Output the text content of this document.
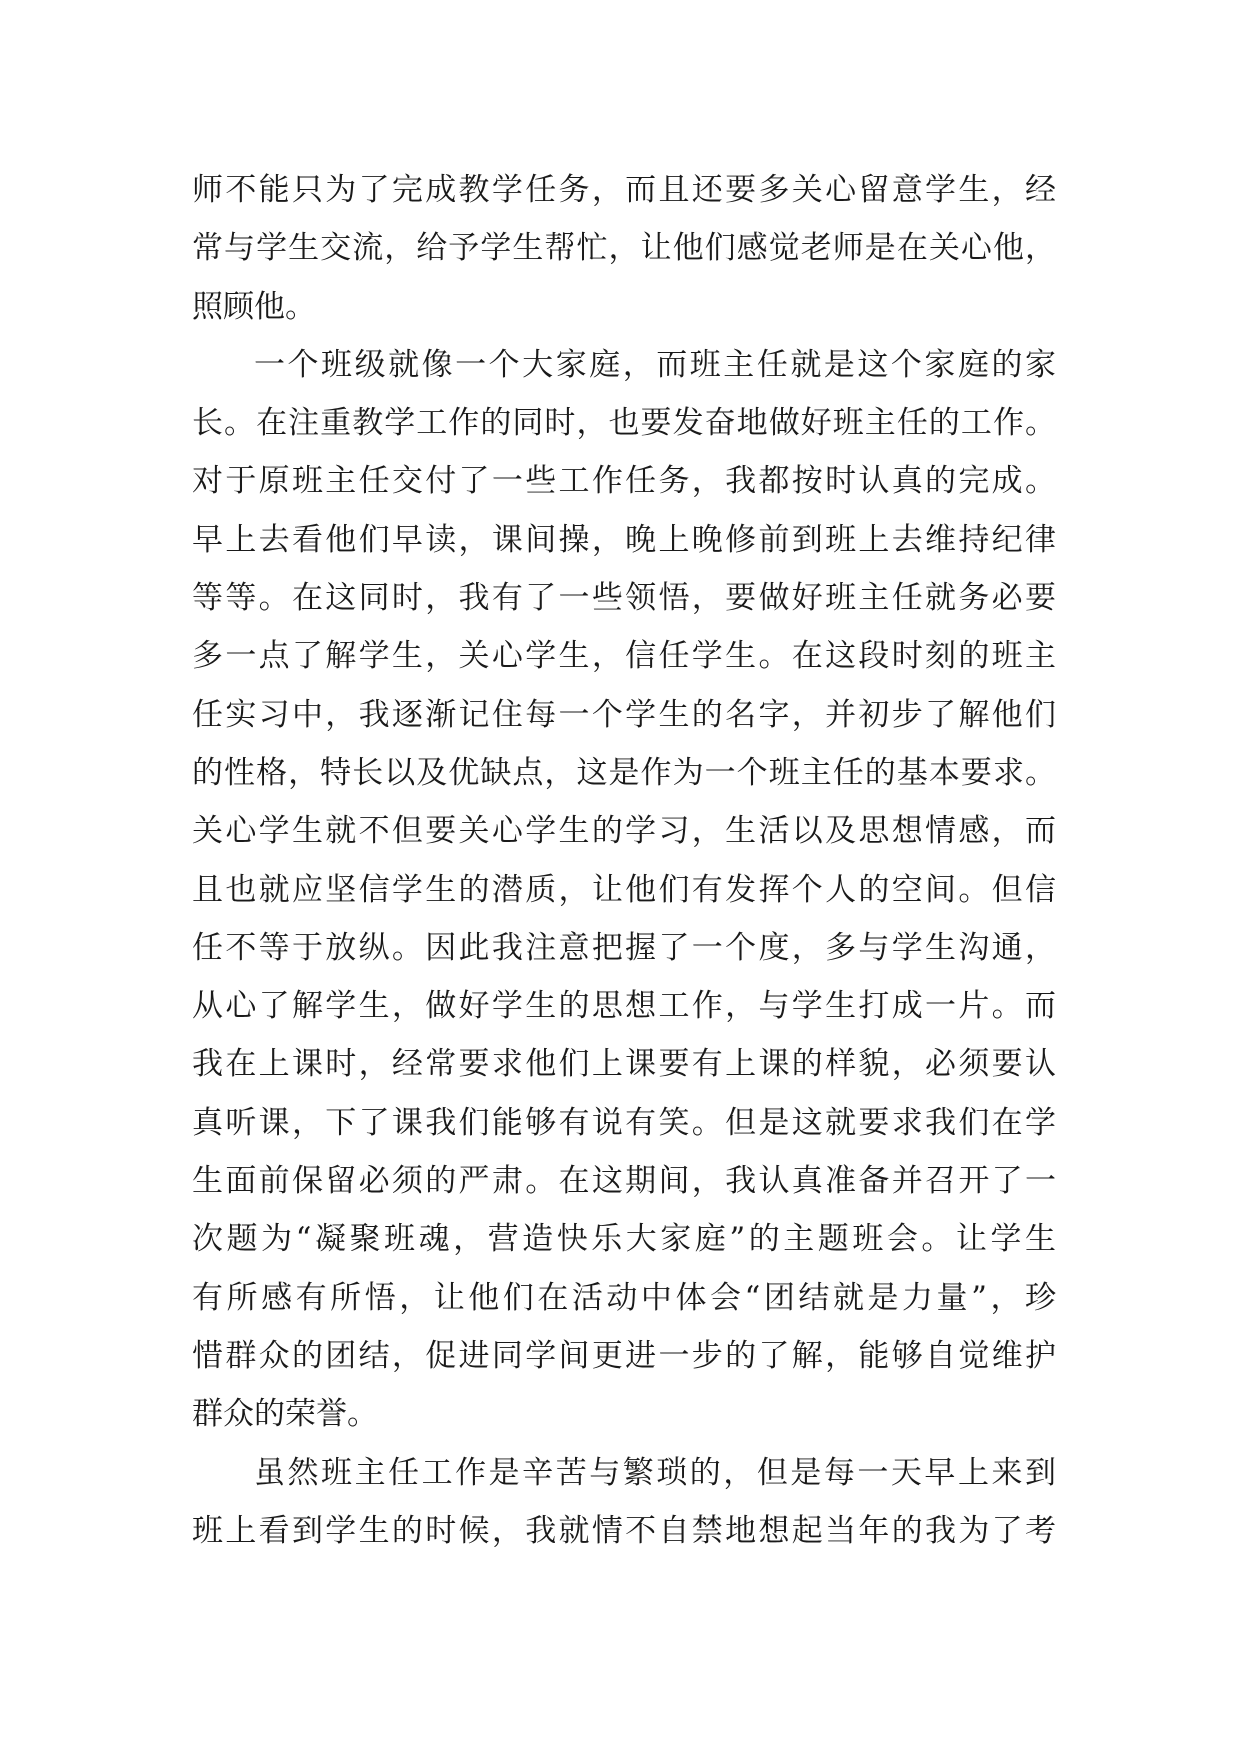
师不能只为了完成教学任务，而且还要多关心留意学生，经
常与学生交流，给予学生帮忙，让他们感觉老师是在关心他，
照顾他。
一个班级就像一个大家庭，而班主任就是这个家庭的家
长。在注重教学工作的同时，也要发奋地做好班主任的工作。
对于原班主任交付了一些工作任务，我都按时认真的完成。
早上去看他们早读，课间操，晚上晚修前到班上去维持纪律
等等。在这同时，我有了一些领悟，要做好班主任就务必要
多一点了解学生，关心学生，信任学生。在这段时刻的班主
任实习中，我逐渐记住每一个学生的名字，并初步了解他们
的性格，特长以及优缺点，这是作为一个班主任的基本要求。
关心学生就不但要关心学生的学习，生活以及思想情感，而
且也就应坚信学生的潜质，让他们有发挥个人的空间。但信
任不等于放纵。因此我注意把握了一个度，多与学生沟通，
从心了解学生，做好学生的思想工作，与学生打成一片。而
我在上课时，经常要求他们上课要有上课的样貌，必须要认
真听课，下了课我们能够有说有笑。但是这就要求我们在学
生面前保留必须的严肃。在这期间，我认真准备并召开了一
次题为“凝聚班魂，营造快乐大家庭”的主题班会。让学生
有所感有所悟，让他们在活动中体会“团结就是力量”，珍
惜群众的团结，促进同学间更进一步的了解，能够自觉维护
群众的荣誉。
虽然班主任工作是辛苦与繁琐的，但是每一天早上来到
班上看到学生的时候，我就情不自禁地想起当年的我为了考
